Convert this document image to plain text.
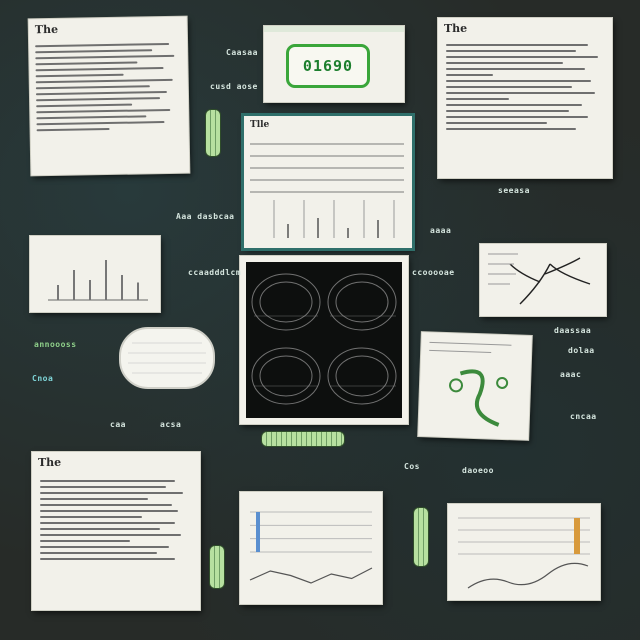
The
01690
The
Tlle
The
Aaa dasbcaa
ccaadddlcm
annoooss
Cnoa
caa	acsa
Caasaa
cusd aose
seeasa
aaaa
ccooooae
daassaa
dolaa
aaac
cncaa
Cos	daoeoo
